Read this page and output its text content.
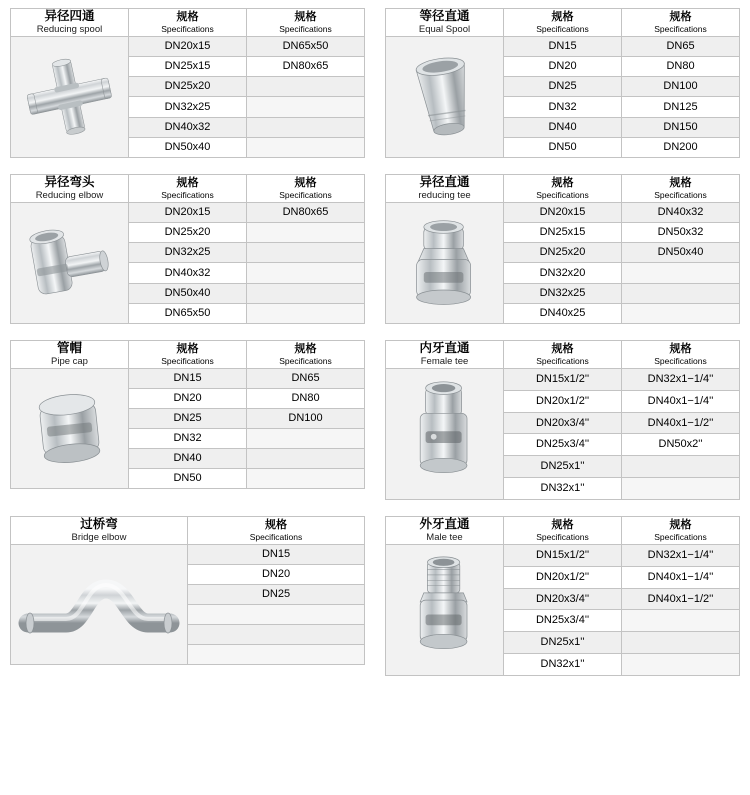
异径四通
Reducing spool

规格
Specifications

规格
Specifications

	DN20x15	DN65x50
	DN25x15	DN80x65
	DN25x20	
	DN32x25	
	DN40x32	
	DN50x40	
等径直通
Equal Spool

规格
Specifications

规格
Specifications

	DN15	DN65
	DN20	DN80
	DN25	DN100
	DN32	DN125
	DN40	DN150
	DN50	DN200
异径弯头
Reducing elbow

规格
Specifications

规格
Specifications

	DN20x15	DN80x65
	DN25x20	
	DN32x25	
	DN40x32	
	DN50x40	
	DN65x50	
异径直通
reducing tee

规格
Specifications

规格
Specifications

	DN20x15	DN40x32
	DN25x15	DN50x32
	DN25x20	DN50x40
	DN32x20	
	DN32x25	
	DN40x25	
管帽
Pipe cap

规格
Specifications

规格
Specifications

	DN15	DN65
	DN20	DN80
	DN25	DN100
	DN32	
	DN40	
	DN50	
内牙直通
Female tee

规格
Specifications

规格
Specifications

	DN15x1/2''	DN32x1−1/4''
	DN20x1/2''	DN40x1−1/4''
	DN20x3/4''	DN40x1−1/2''
	DN25x3/4''	DN50x2''
	DN25x1''	
	DN32x1''	
过桥弯
Bridge elbow

规格
Specifications

	DN15
	DN20
	DN25

外牙直通
Male tee

规格
Specifications

规格
Specifications

	DN15x1/2''	DN32x1−1/4''
	DN20x1/2''	DN40x1−1/4''
	DN20x3/4''	DN40x1−1/2''
	DN25x3/4''	
	DN25x1''	
	DN32x1''	
